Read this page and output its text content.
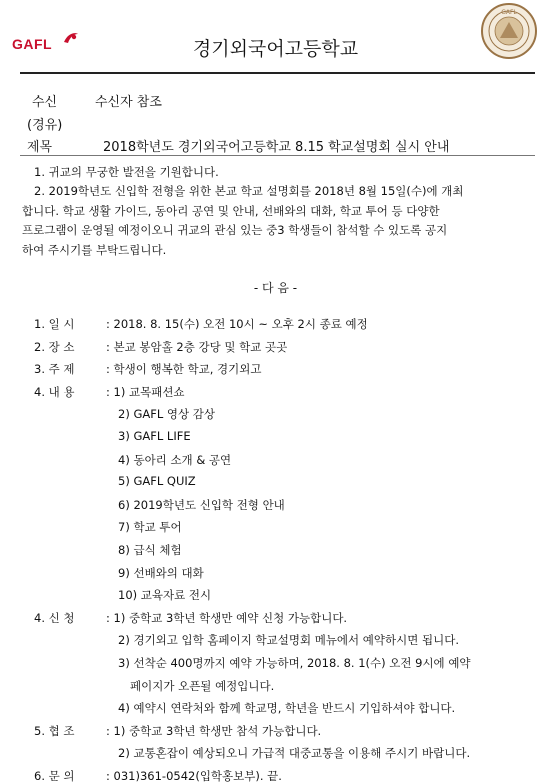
GAFL	경기외국어고등학교
GAFL
수신	수신자 참조
(경유)
제목	2018학년도 경기외국어고등학교 8.15 학교설명회 실시 안내
1. 귀교의 무궁한 발전을 기원합니다.
2. 2019학년도 신입학 전형을 위한 본교 학교 설명회를 2018년 8월 15일(수)에 개최
합니다. 학교 생활 가이드, 동아리 공연 및 안내, 선배와의 대화, 학교 투어 등 다양한
프로그램이 운영될 예정이오니 귀교의 관심 있는 중3 학생들이 참석할 수 있도록 공지
하여 주시기를 부탁드립니다.
- 다 음 -
1. 일 시	: 2018. 8. 15(수) 오전 10시 ~ 오후 2시 종료 예정
2. 장 소	: 본교 봉암홀 2층 강당 및 학교 곳곳
3. 주 제	: 학생이 행복한 학교, 경기외고
4. 내 용	: 1) 교목패션쇼
2) GAFL 영상 감상
3) GAFL LIFE
4) 동아리 소개 & 공연
5) GAFL QUIZ
6) 2019학년도 신입학 전형 안내
7) 학교 투어
8) 급식 체험
9) 선배와의 대화
10) 교육자료 전시
4. 신 청	: 1) 중학교 3학년 학생만 예약 신청 가능합니다.
2) 경기외고 입학 홈페이지 학교설명회 메뉴에서 예약하시면 됩니다.
3) 선착순 400명까지 예약 가능하며, 2018. 8. 1(수) 오전 9시에 예약
페이지가 오픈될 예정입니다.
4) 예약시 연락처와 함께 학교명, 학년을 반드시 기입하셔야 합니다.
5. 협 조	: 1) 중학교 3학년 학생만 참석 가능합니다.
2) 교통혼잡이 예상되오니 가급적 대중교통을 이용해 주시기 바랍니다.
6. 문 의	: 031)361-0542(입학홍보부). 끝.
